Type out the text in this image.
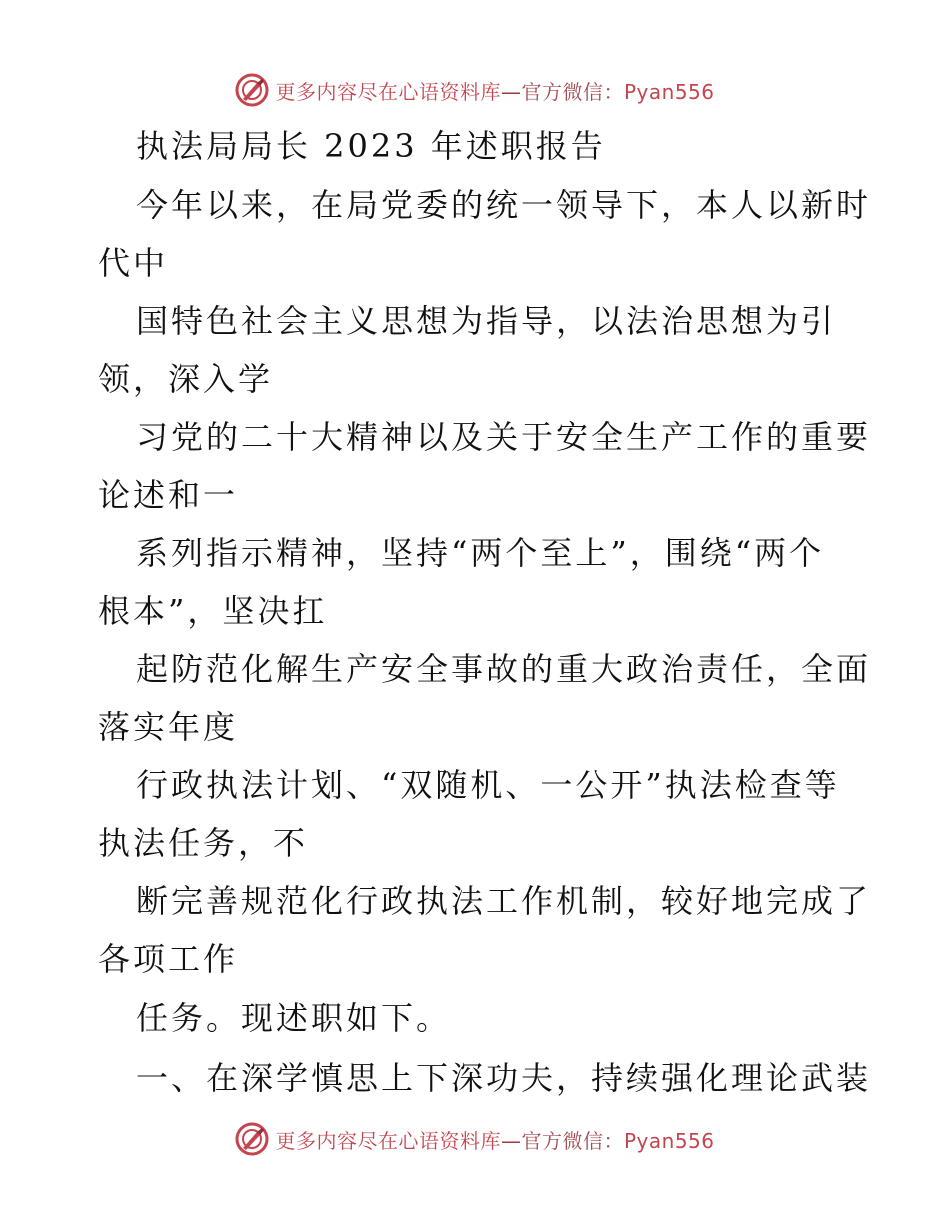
更多内容尽在心语资料库—官方微信：Pyan556
执法局局长 2023 年述职报告
今年以来，在局党委的统一领导下，本人以新时
代中
国特色社会主义思想为指导，以法治思想为引
领，深入学
习党的二十大精神以及关于安全生产工作的重要
论述和一
系列指示精神，坚持“两个至上”，围绕“两个
根本”，坚决扛
起防范化解生产安全事故的重大政治责任，全面
落实年度
行政执法计划、“双随机、一公开”执法检查等
执法任务，不
断完善规范化行政执法工作机制，较好地完成了
各项工作
任务。现述职如下。
一、在深学慎思上下深功夫，持续强化理论武装
更多内容尽在心语资料库—官方微信：Pyan556
